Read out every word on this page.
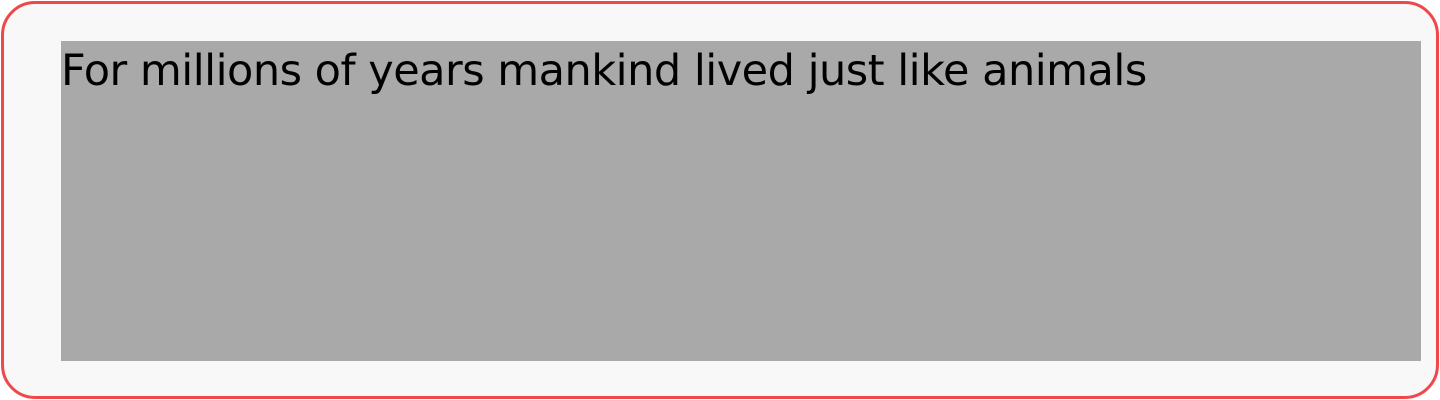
For millions of years mankind lived just like animals
